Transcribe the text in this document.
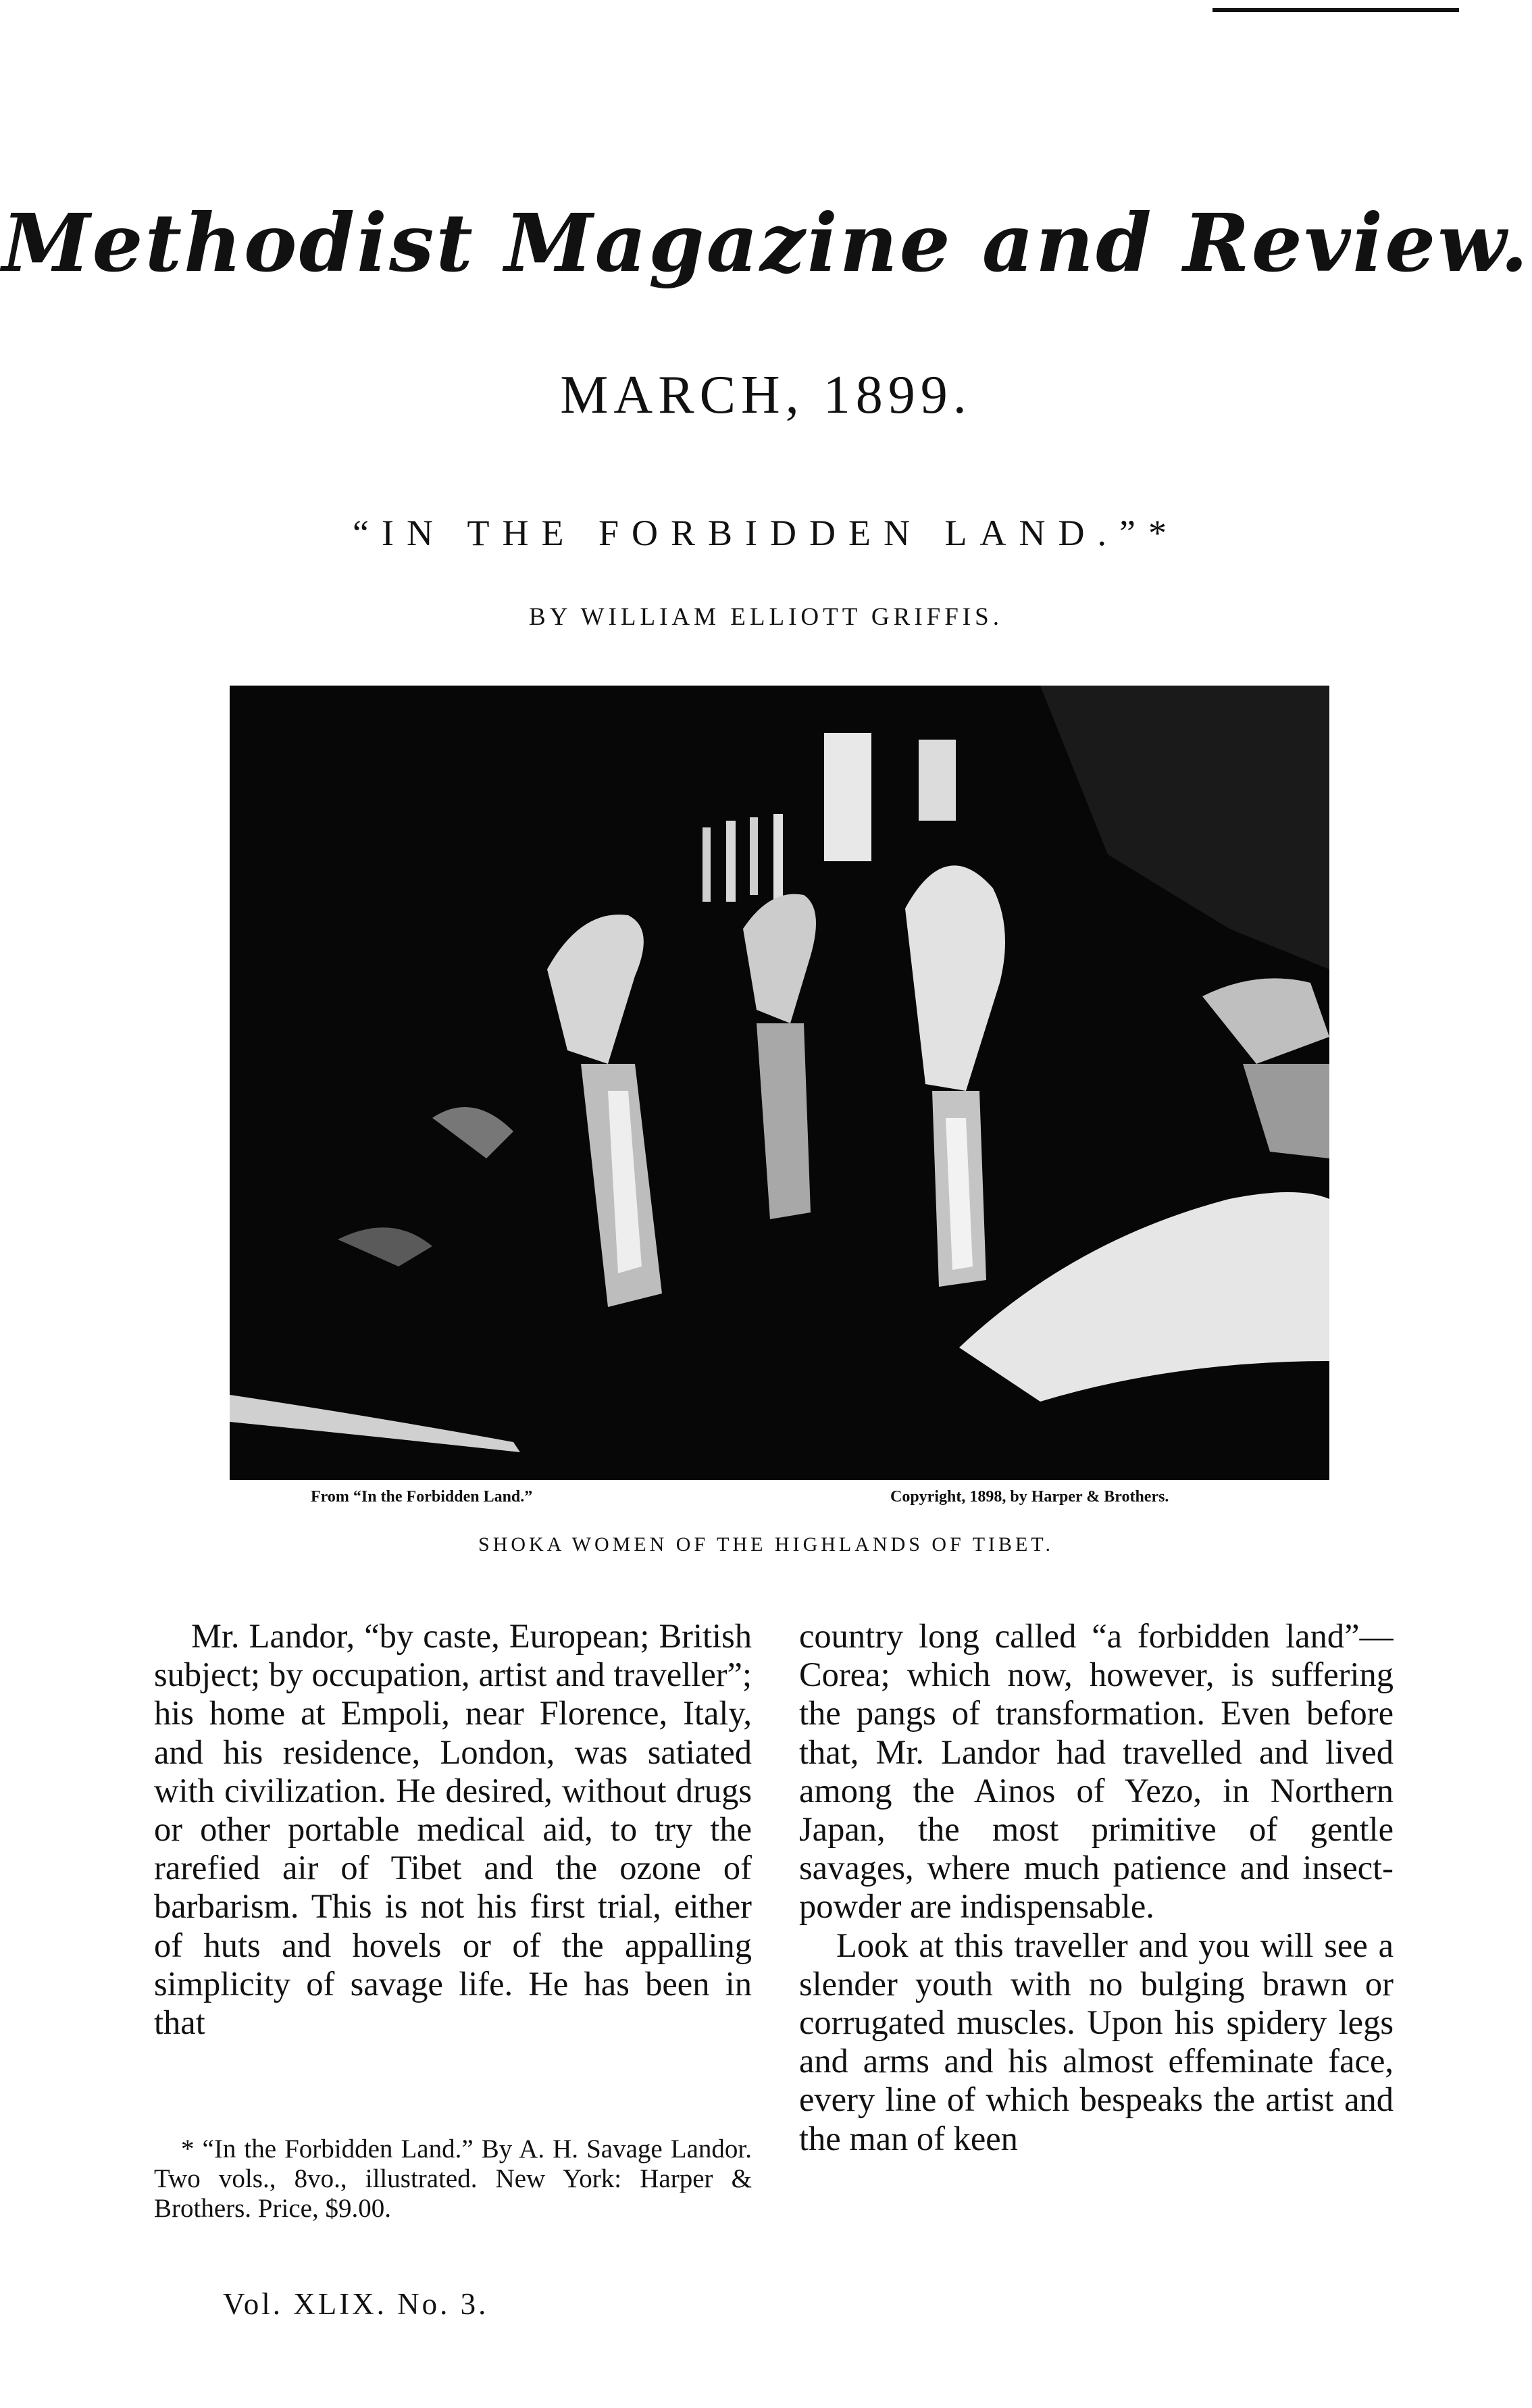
Methodist Magazine and Review.
MARCH, 1899.
“IN THE FORBIDDEN LAND.”*
BY WILLIAM ELLIOTT GRIFFIS.
From “In the Forbidden Land.”	Copyright, 1898, by Harper & Brothers.
SHOKA WOMEN OF THE HIGHLANDS OF TIBET.

Mr. Landor, “by caste, European; British subject; by occupation, artist and traveller”; his home at Empoli, near Florence, Italy, and his residence, London, was satiated with civilization. He desired, without drugs or other portable medical aid, to try the rarefied air of Tibet and the ozone of barbarism. This is not his first trial, either of huts and hovels or of the appalling simplicity of savage life. He has been in that

country long called “a forbidden land”—Corea; which now, however, is suffering the pangs of transformation. Even before that, Mr. Landor had travelled and lived among the Ainos of Yezo, in Northern Japan, the most primitive of gentle savages, where much patience and insect-powder are indispensable.

Look at this traveller and you will see a slender youth with no bulging brawn or corrugated muscles. Upon his spidery legs and arms and his almost effeminate face, every line of which bespeaks the artist and the man of keen

* “In the Forbidden Land.” By A. H. Savage Landor. Two vols., 8vo., illustrated. New York: Harper & Brothers. Price, $9.00.

Vol. XLIX. No. 3.
